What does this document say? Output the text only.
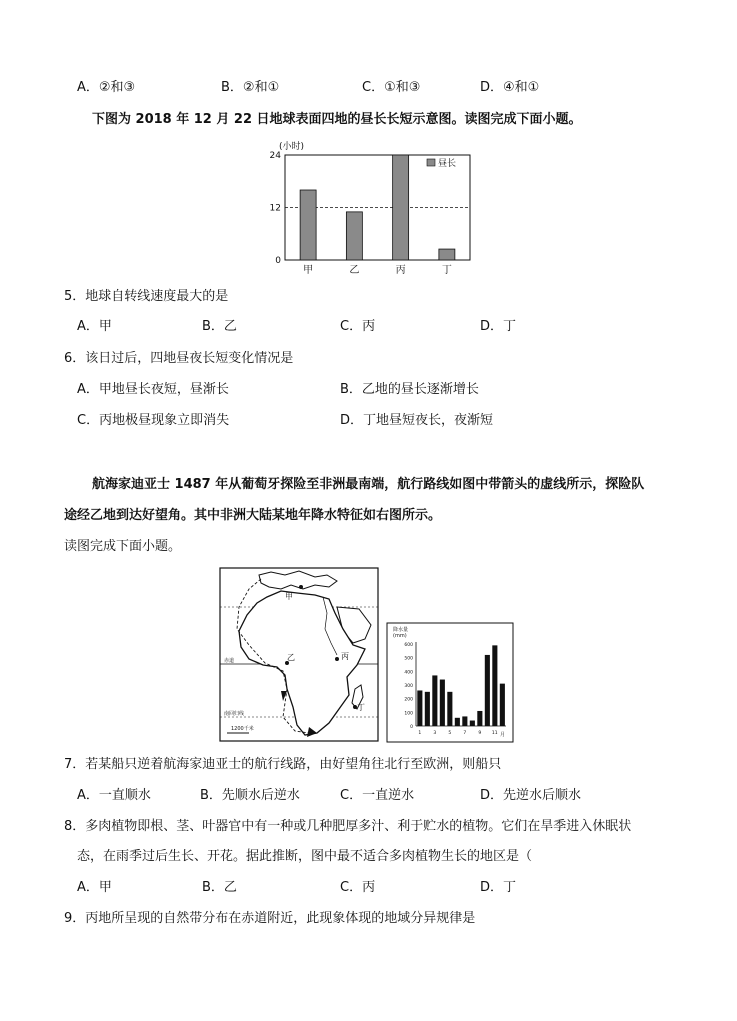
A．②和③	B．②和①	C．①和③	D．④和①
下图为 2018 年 12 月 22 日地球表面四地的昼长长短示意图。读图完成下面小题。
(小时)
0
12
24
甲	乙	丙	丁
昼长
5．地球自转线速度最大的是
A．甲	B．乙	C．丙	D．丁
6．该日过后，四地昼夜长短变化情况是
A．甲地昼长夜短，昼渐长	B．乙地的昼长逐渐增长
C．丙地极昼现象立即消失	D．丁地昼短夜长，夜渐短
航海家迪亚士 1487 年从葡萄牙探险至非洲最南端，航行路线如图中带箭头的虚线所示，探险队
途经乙地到达好望角。其中非洲大陆某地年降水特征如右图所示。
读图完成下面小题。
赤道
南回归线
甲
乙	丙
丁
1200千米
降水量
(mm)
600
500
400
300
200
100
0
1	3	5	7	9 11 月
7．若某船只逆着航海家迪亚士的航行线路，由好望角往北行至欧洲，则船只
A．一直顺水	B．先顺水后逆水	C．一直逆水	D．先逆水后顺水
8．多肉植物即根、茎、叶器官中有一种或几种肥厚多汁、利于贮水的植物。它们在旱季进入休眠状
态，在雨季过后生长、开花。据此推断，图中最不适合多肉植物生长的地区是（
A．甲	B．乙	C．丙	D．丁
9．丙地所呈现的自然带分布在赤道附近，此现象体现的地域分异规律是
